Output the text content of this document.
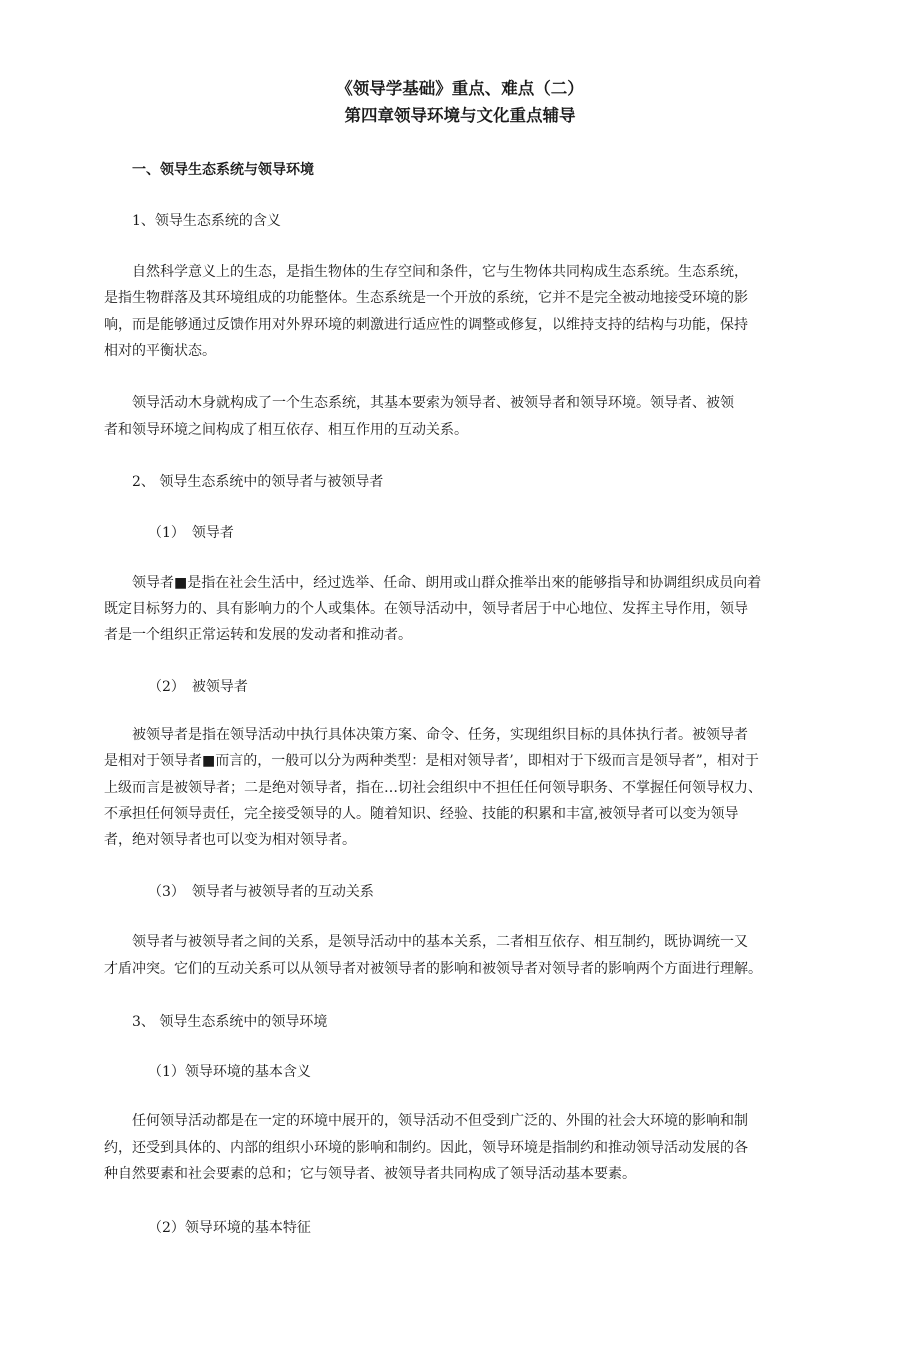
《领导学基础》重点、难点（二）

第四章领导环境与文化重点辅导

一、领导生态系统与领导环境

1、领导生态系统的含义

自然科学意义上的生态，是指生物体的生存空间和条件，它与生物体共同构成生态系统。生态系统，

是指生物群落及其环境组成的功能整体。生态系统是一个开放的系统，它并不是完全被动地接受环境的影

响，而是能够通过反馈作用对外界环境的刺激进行适应性的调整或修复，以维持支持的结构与功能，保持

相对的平衡状态。

领导活动木身就构成了一个生态系统，其基本要索为领导者、被领导者和领导环境。领导者、被领

者和领导环境之间构成了相互依存、相互作用的互动关系。

2、 领导生态系统中的领导者与被领导者

（1）　领导者

领导者■是指在社会生活中，经过选举、任命、朗用或山群众推举出來的能够指导和协调组织成员向着

既定目标努力的、具有影响力的个人或集体。在领导活动中，领导者居于中心地位、发挥主导作用，领导

者是一个组织正常运转和发展的发动者和推动者。

（2）　被领导者

被领导者是指在领导活动中执行具体决策方案、命令、任务，实现组织目标的具体执行者。被领导者

是相对于领导者■而言的，一般可以分为两种类型：是相对领导者’，即相对于下级而言是领导者”，相对于

上级而言是被领导者；二是绝对领导者，指在…切社会组织中不担任任何领导职务、不掌握任何领导权力、

不承担任何领导责任，完全接受领导的人。随着知识、经验、技能的积累和丰富,被领导者可以变为领导

者，绝对领导者也可以变为相对领导者。

（3）　领导者与被领导者的互动关系

领导者与被领导者之间的关系，是领导活动中的基本关系，二者相互依存、相互制约，既协调统一又

才盾冲突。它们的互动关系可以从领导者对被领导者的影响和被领导者对领导者的影响两个方面进行理解。

3、 领导生态系统中的领导环境

（1）领导环境的基本含义

任何领导活动都是在一定的环境中展开的，领导活动不但受到广泛的、外围的社会大环境的影响和制

约，还受到具体的、内部的组织小环境的影响和制约。因此，领导环境是指制约和推动领导活动发展的各

种自然要素和社会要素的总和；它与领导者、被领导者共同构成了领导活动基本要素。

（2）领导环境的基本特征
